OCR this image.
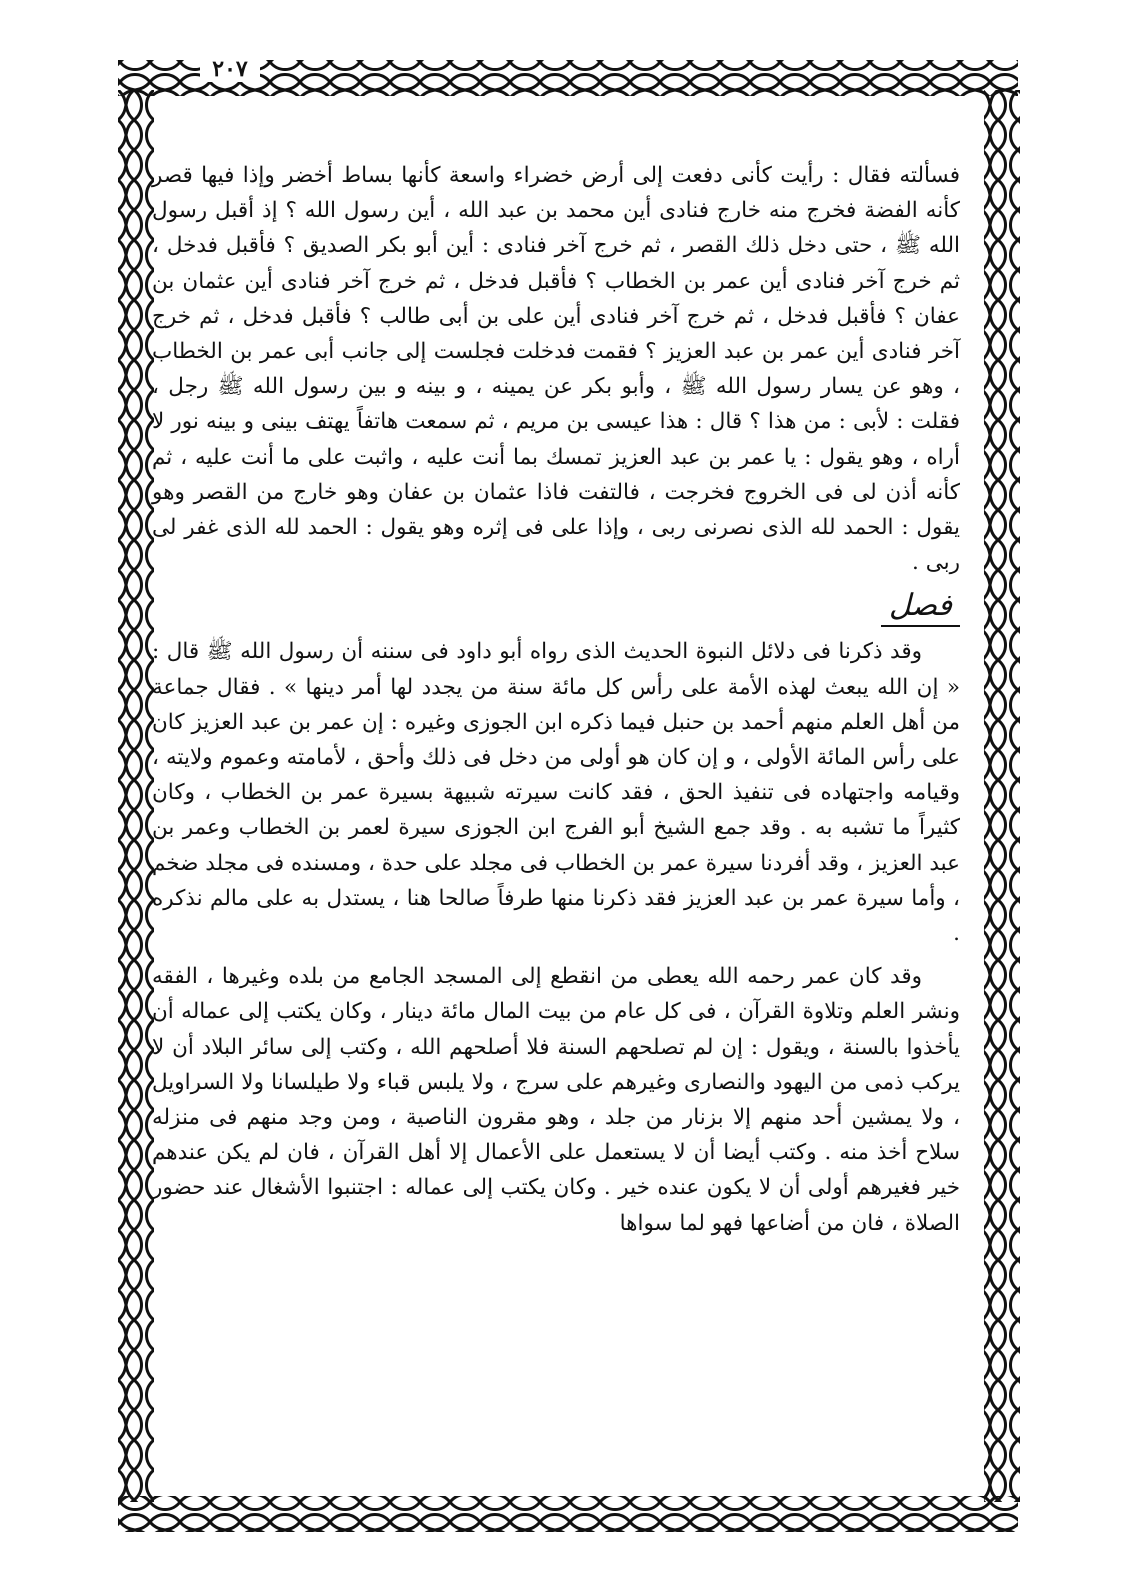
٢٠٧

فسألته فقال : رأيت كأنى دفعت إلى أرض خضراء واسعة كأنها بساط أخضر وإذا فيها قصر كأنه الفضة فخرج منه خارج فنادى أين محمد بن عبد الله ، أين رسول الله ؟ إذ أقبل رسول الله ﷺ ، حتى دخل ذلك القصر ، ثم خرج آخر فنادى : أين أبو بكر الصديق ؟ فأقبل فدخل ، ثم خرج آخر فنادى أين عمر بن الخطاب ؟ فأقبل فدخل ، ثم خرج آخر فنادى أين عثمان بن عفان ؟ فأقبل فدخل ، ثم خرج آخر فنادى أين على بن أبى طالب ؟ فأقبل فدخل ، ثم خرج آخر فنادى أين عمر بن عبد العزيز ؟ فقمت فدخلت فجلست إلى جانب أبى عمر بن الخطاب ، وهو عن يسار رسول الله ﷺ ، وأبو بكر عن يمينه ، و بينه و بين رسول الله ﷺ رجل ، فقلت : لأبى : من هذا ؟ قال : هذا عيسى بن مريم ، ثم سمعت هاتفاً يهتف بينى و بينه نور لا أراه ، وهو يقول : يا عمر بن عبد العزيز تمسك بما أنت عليه ، واثبت على ما أنت عليه ، ثم كأنه أذن لى فى الخروج فخرجت ، فالتفت فاذا عثمان بن عفان وهو خارج من القصر وهو يقول : الحمد لله الذى نصرنى ربى ، وإذا على فى إثره وهو يقول : الحمد لله الذى غفر لى ربى .

فصل

وقد ذكرنا فى دلائل النبوة الحديث الذى رواه أبو داود فى سننه أن رسول الله ﷺ قال : « إن الله يبعث لهذه الأمة على رأس كل مائة سنة من يجدد لها أمر دينها » . فقال جماعة من أهل العلم منهم أحمد بن حنبل فيما ذكره ابن الجوزى وغيره : إن عمر بن عبد العزيز كان على رأس المائة الأولى ، و إن كان هو أولى من دخل فى ذلك وأحق ، لأمامته وعموم ولايته ، وقيامه واجتهاده فى تنفيذ الحق ، فقد كانت سيرته شبيهة بسيرة عمر بن الخطاب ، وكان كثيراً ما تشبه به . وقد جمع الشيخ أبو الفرج ابن الجوزى سيرة لعمر بن الخطاب وعمر بن عبد العزيز ، وقد أفردنا سيرة عمر بن الخطاب فى مجلد على حدة ، ومسنده فى مجلد ضخم ، وأما سيرة عمر بن عبد العزيز فقد ذكرنا منها طرفاً صالحا هنا ، يستدل به على مالم نذكره .

وقد كان عمر رحمه الله يعطى من انقطع إلى المسجد الجامع من بلده وغيرها ، الفقه ونشر العلم وتلاوة القرآن ، فى كل عام من بيت المال مائة دينار ، وكان يكتب إلى عماله أن يأخذوا بالسنة ، ويقول : إن لم تصلحهم السنة فلا أصلحهم الله ، وكتب إلى سائر البلاد أن لا يركب ذمى من اليهود والنصارى وغيرهم على سرج ، ولا يلبس قباء ولا طيلسانا ولا السراويل ، ولا يمشين أحد منهم إلا بزنار من جلد ، وهو مقرون الناصية ، ومن وجد منهم فى منزله سلاح أخذ منه . وكتب أيضا أن لا يستعمل على الأعمال إلا أهل القرآن ، فان لم يكن عندهم خير فغيرهم أولى أن لا يكون عنده خير . وكان يكتب إلى عماله : اجتنبوا الأشغال عند حضور الصلاة ، فان من أضاعها فهو لما سواها
